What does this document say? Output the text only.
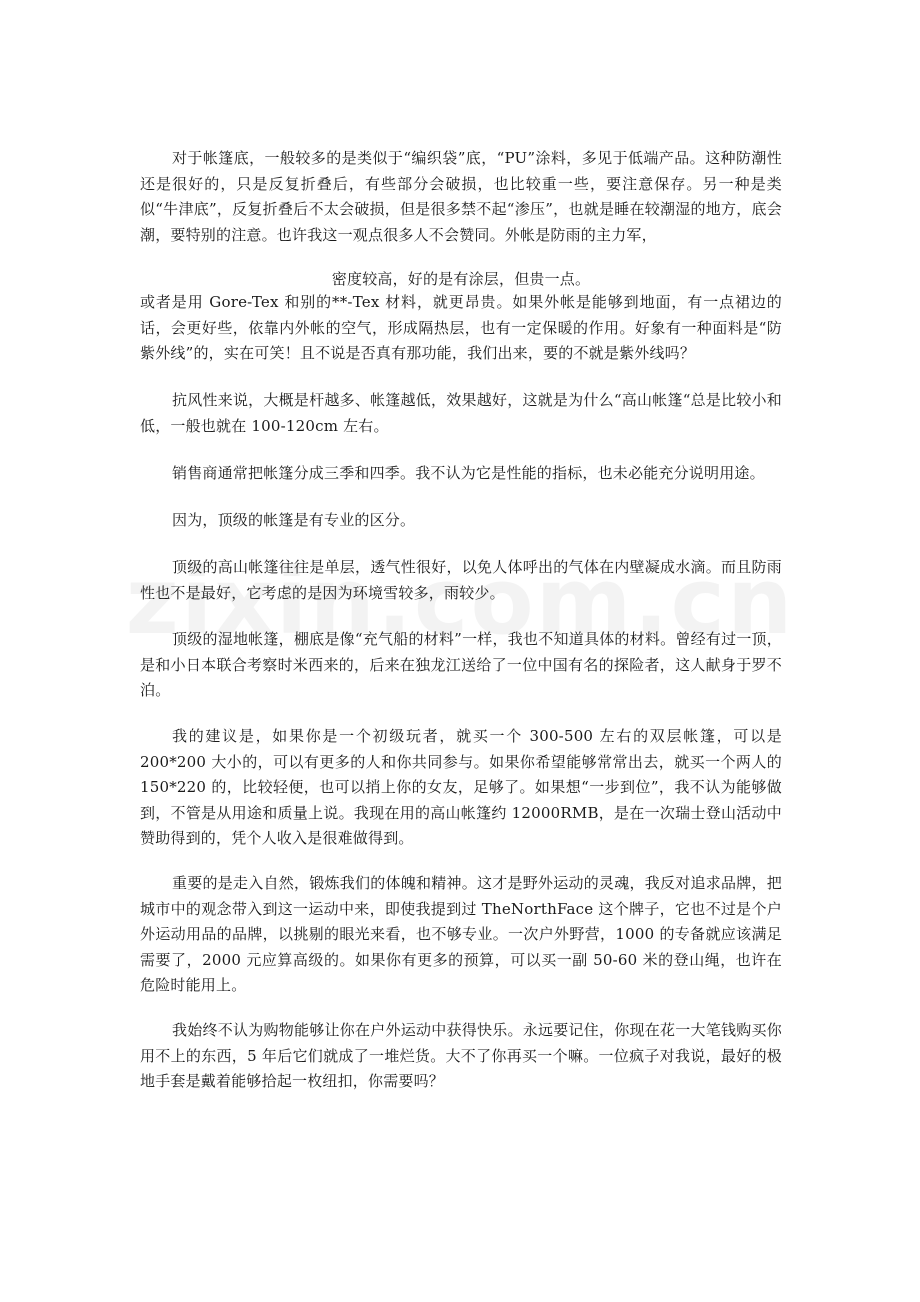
对于帐篷底，一般较多的是类似于“编织袋”底，“PU”涂料，多见于低端产品。这种防潮性还是很好的，只是反复折叠后，有些部分会破损，也比较重一些，要注意保存。另一种是类似“牛津底”，反复折叠后不太会破损，但是很多禁不起“渗压”，也就是睡在较潮湿的地方，底会潮，要特别的注意。也许我这一观点很多人不会赞同。外帐是防雨的主力军，

密度较高，好的是有涂层，但贵一点。

或者是用 Gore-Tex 和别的**-Tex 材料，就更昂贵。如果外帐是能够到地面，有一点裙边的话，会更好些，依靠内外帐的空气，形成隔热层，也有一定保暖的作用。好象有一种面料是“防紫外线”的，实在可笑！且不说是否真有那功能，我们出来，要的不就是紫外线吗？

抗风性来说，大概是杆越多、帐篷越低，效果越好，这就是为什么“高山帐篷“总是比较小和低，一般也就在 100-120cm 左右。

销售商通常把帐篷分成三季和四季。我不认为它是性能的指标，也未必能充分说明用途。

因为，顶级的帐篷是有专业的区分。

顶级的高山帐篷往往是单层，透气性很好，以免人体呼出的气体在内壁凝成水滴。而且防雨性也不是最好，它考虑的是因为环境雪较多，雨较少。

顶级的湿地帐篷，棚底是像“充气船的材料”一样，我也不知道具体的材料。曾经有过一顶，是和小日本联合考察时米西来的，后来在独龙江送给了一位中国有名的探险者，这人献身于罗不泊。

我的建议是，如果你是一个初级玩者，就买一个 300-500 左右的双层帐篷，可以是 200*200 大小的，可以有更多的人和你共同参与。如果你希望能够常常出去，就买一个两人的 150*220 的，比较轻便，也可以捎上你的女友，足够了。如果想“一步到位”，我不认为能够做到，不管是从用途和质量上说。我现在用的高山帐篷约 12000RMB，是在一次瑞士登山活动中赞助得到的，凭个人收入是很难做得到。

重要的是走入自然，锻炼我们的体魄和精神。这才是野外运动的灵魂，我反对追求品牌，把城市中的观念带入到这一运动中来，即使我提到过 TheNorthFace 这个牌子，它也不过是个户外运动用品的品牌，以挑剔的眼光来看，也不够专业。一次户外野营，1000 的专备就应该满足需要了，2000 元应算高级的。如果你有更多的预算，可以买一副 50-60 米的登山绳，也许在危险时能用上。

我始终不认为购物能够让你在户外运动中获得快乐。永远要记住，你现在花一大笔钱购买你用不上的东西，5 年后它们就成了一堆烂货。大不了你再买一个嘛。一位疯子对我说，最好的极地手套是戴着能够拾起一枚纽扣，你需要吗？
